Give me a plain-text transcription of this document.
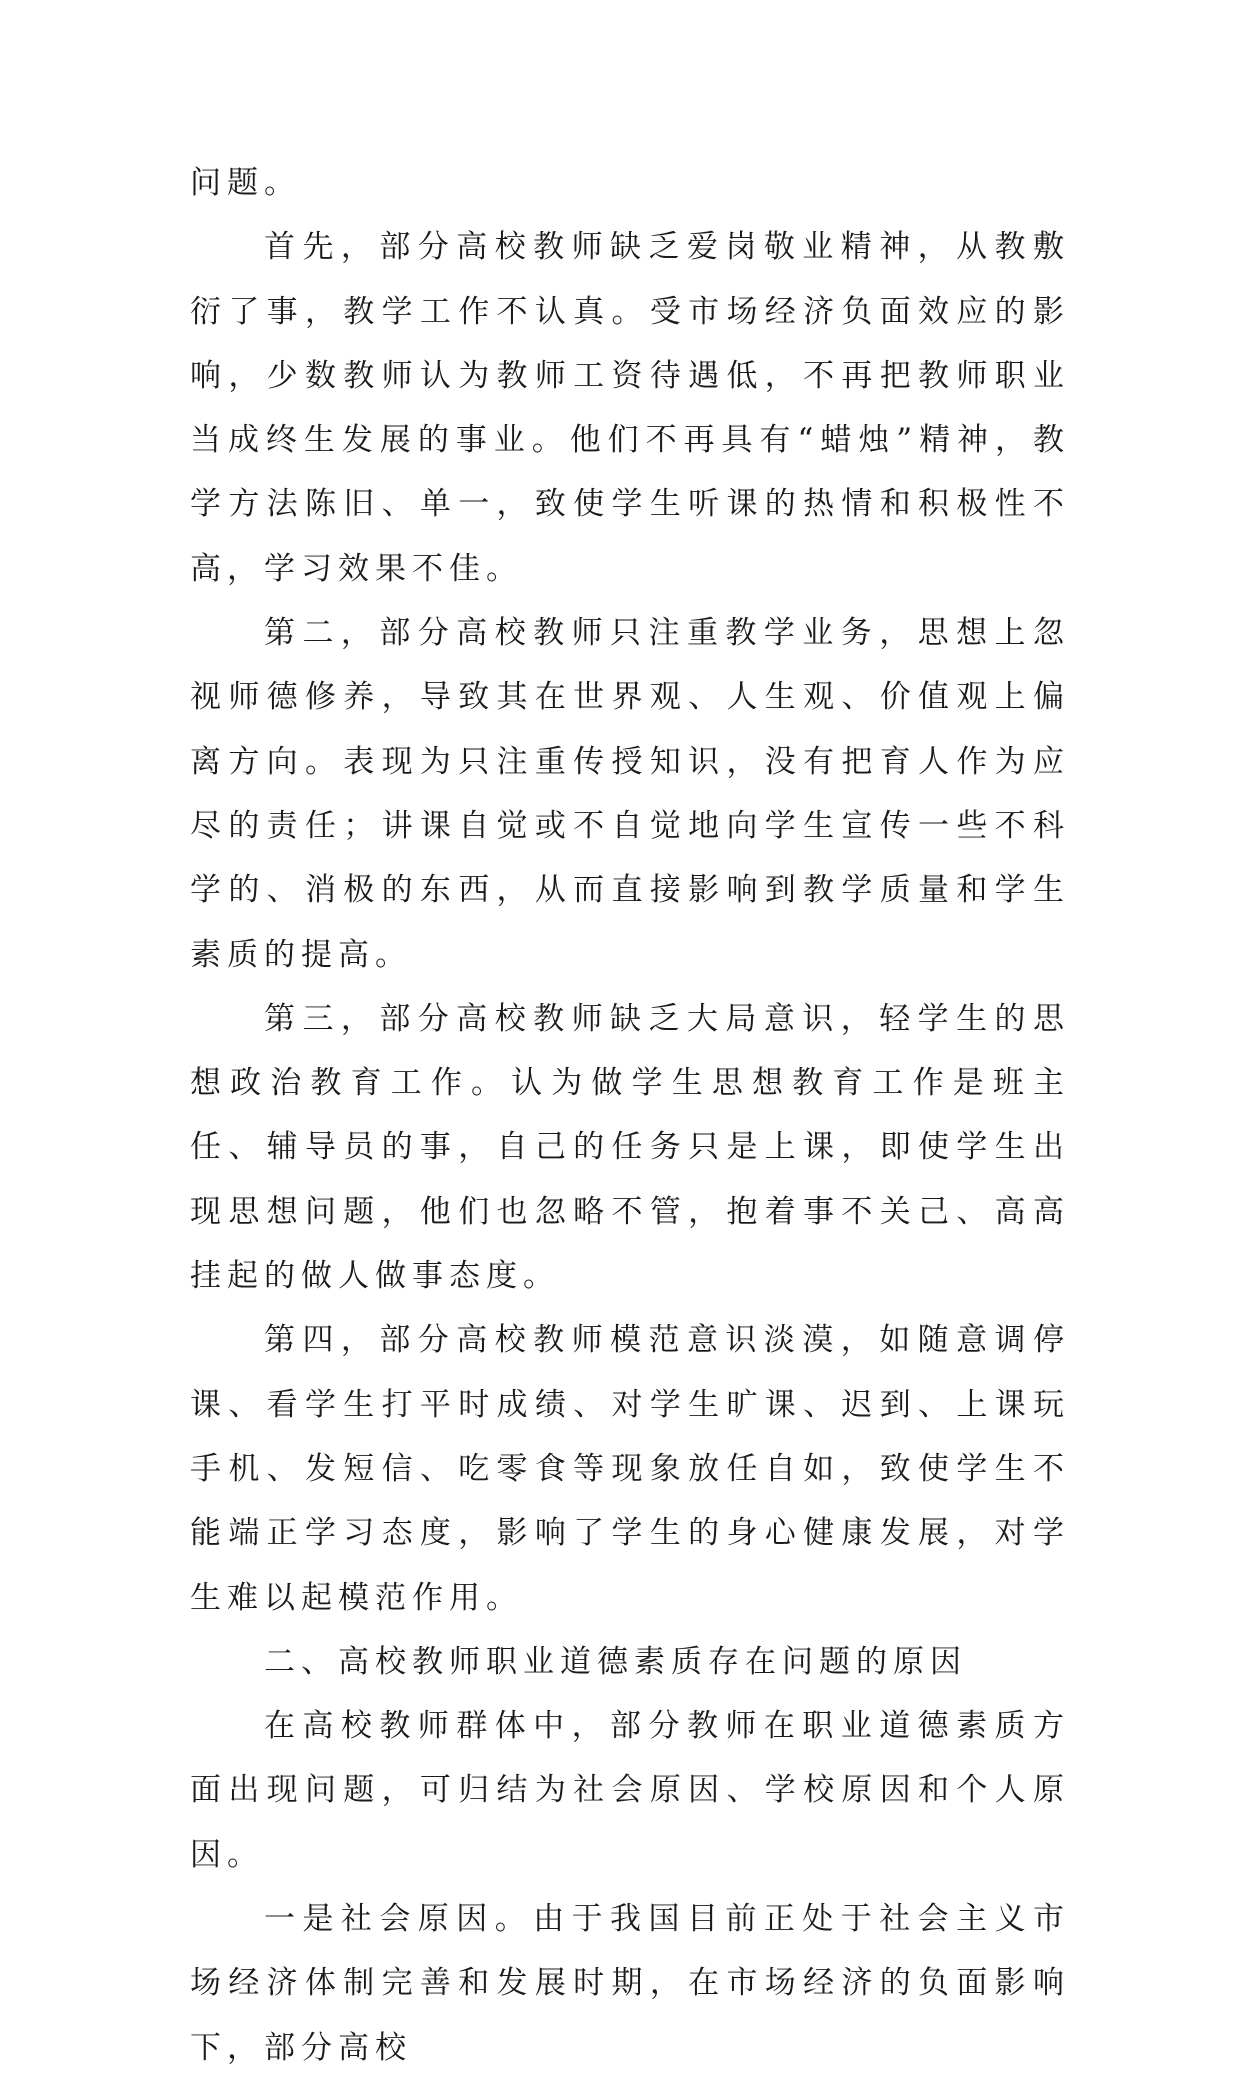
问题。

首先，部分高校教师缺乏爱岗敬业精神，从教敷衍了事，教学工作不认真。受市场经济负面效应的影响，少数教师认为教师工资待遇低，不再把教师职业当成终生发展的事业。他们不再具有“蜡烛”精神，教学方法陈旧、单一，致使学生听课的热情和积极性不高，学习效果不佳。

第二，部分高校教师只注重教学业务，思想上忽视师德修养，导致其在世界观、人生观、价值观上偏离方向。表现为只注重传授知识，没有把育人作为应尽的责任；讲课自觉或不自觉地向学生宣传一些不科学的、消极的东西，从而直接影响到教学质量和学生素质的提高。

第三，部分高校教师缺乏大局意识，轻学生的思想政治教育工作。认为做学生思想教育工作是班主任、辅导员的事，自己的任务只是上课，即使学生出现思想问题，他们也忽略不管，抱着事不关己、高高挂起的做人做事态度。

第四，部分高校教师模范意识淡漠，如随意调停课、看学生打平时成绩、对学生旷课、迟到、上课玩手机、发短信、吃零食等现象放任自如，致使学生不能端正学习态度，影响了学生的身心健康发展，对学生难以起模范作用。

二、高校教师职业道德素质存在问题的原因

在高校教师群体中，部分教师在职业道德素质方面出现问题，可归结为社会原因、学校原因和个人原因。

一是社会原因。由于我国目前正处于社会主义市场经济体制完善和发展时期，在市场经济的负面影响下，部分高校
